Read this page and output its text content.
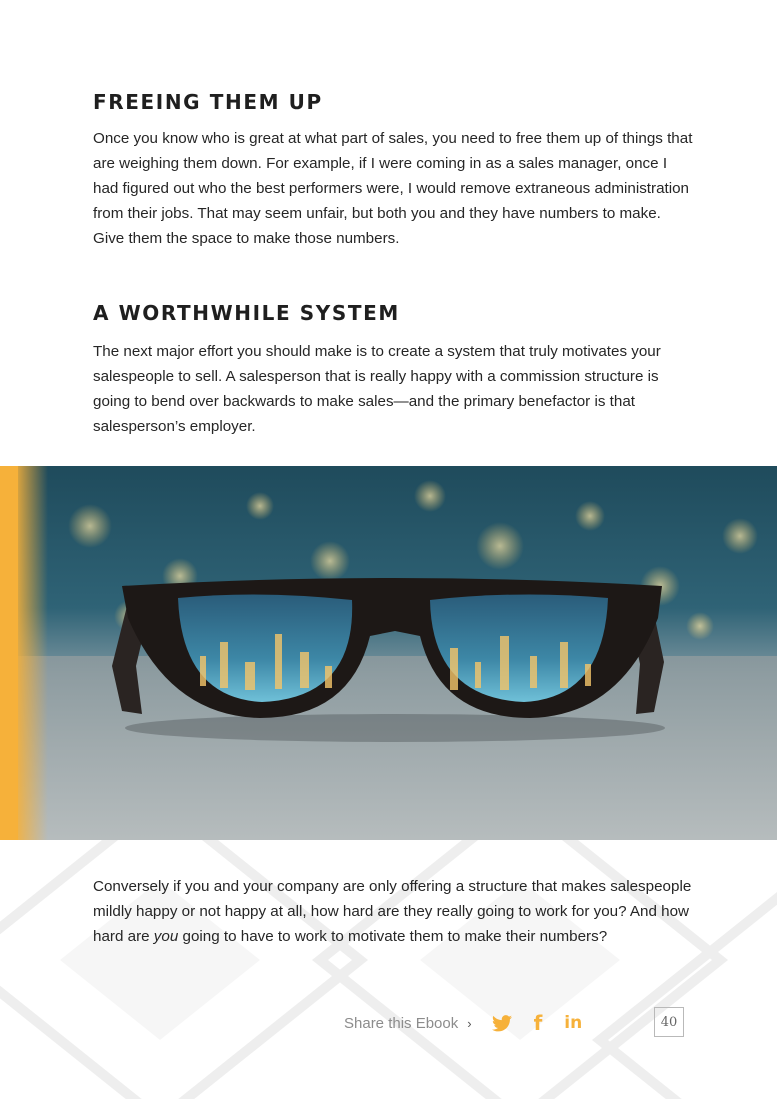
FREEING THEM UP

Once you know who is great at what part of sales, you need to free them up of things that are weighing them down. For example, if I were coming in as a sales manager, once I had figured out who the best performers were, I would remove extraneous administration from their jobs. That may seem unfair, but both you and they have numbers to make. Give them the space to make those numbers.

A WORTHWHILE SYSTEM

The next major effort you should make is to create a system that truly motivates your salespeople to sell. A salesperson that is really happy with a commission structure is going to bend over backwards to make sales—and the primary benefactor is that salesperson’s employer.

Conversely if you and your company are only offering a structure that makes salespeople mildly happy or not happy at all, how hard are they really going to work for you? And how hard are you going to have to work to motivate them to make their numbers?

Share this Ebook ›	f in	40
